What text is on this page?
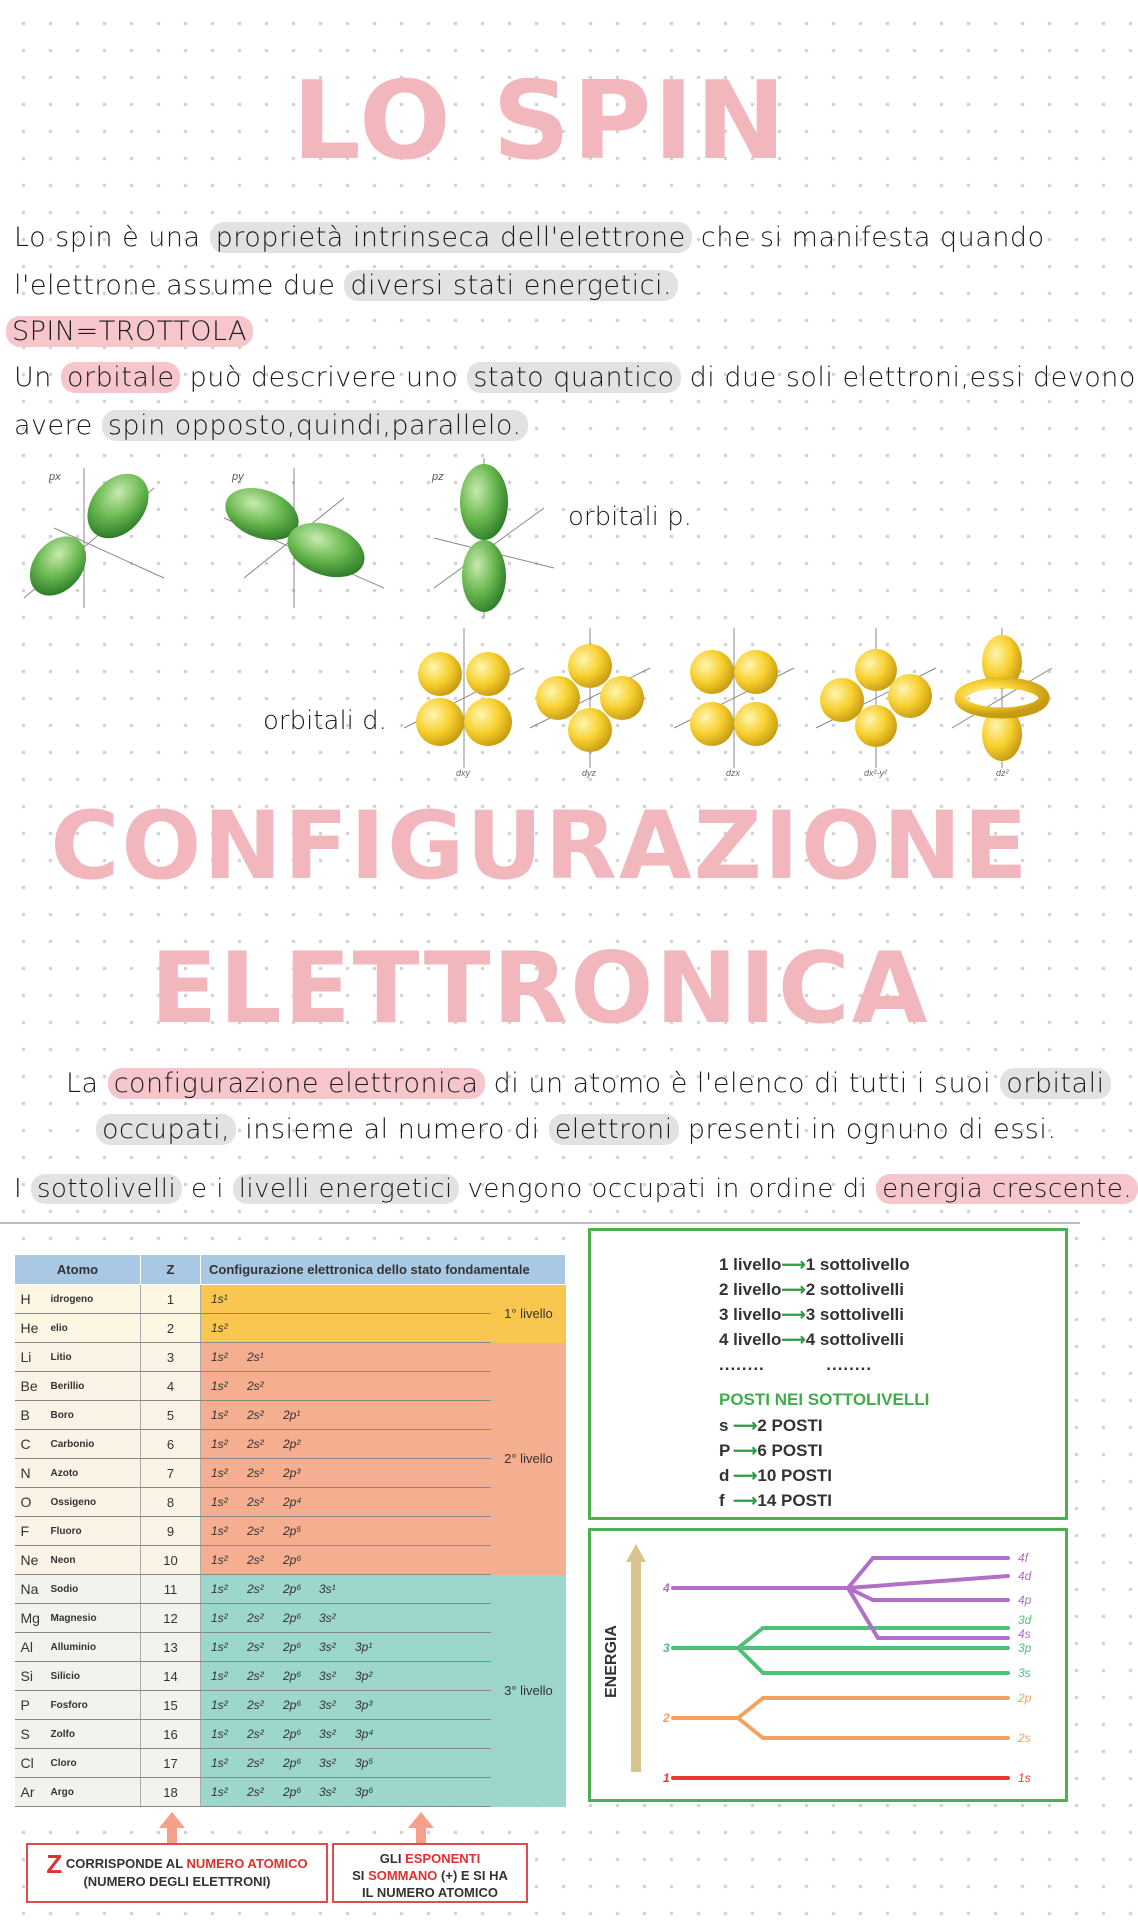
LO SPIN
Lo spin è una proprietà intrinseca dell'elettrone che si manifesta quando
l'elettrone assume due diversi stati energetici.
SPIN=TROTTOLA
Un orbitale può descrivere uno stato quantico di due soli elettroni,essi devono
avere spin opposto,quindi,parallelo.
px	py	pz
orbitali p.
orbitali d.
dxy	dyz	dzx	dx²-y²	dz²
CONFIGURAZIONE
ELETTRONICA
La configurazione elettronica di un atomo è l'elenco di tutti i suoi orbitali
occupati, insieme al numero di elettroni presenti in ognuno di essi.
I sottolivelli e i livelli energetici vengono occupati in ordine di energia crescente.
Atomo		Z	Configurazione elettronica dello stato fondamentale	
H	idrogeno	1	1s¹	1° livello
He	elio	2	1s²	
Li	Litio	3	1s² 2s¹	2° livello
Be	Berillio	4	1s² 2s²	
B	Boro	5	1s² 2s² 2p¹	
C	Carbonio	6	1s² 2s² 2p²	
N	Azoto	7	1s² 2s² 2p³	
O	Ossigeno	8	1s² 2s² 2p⁴	
F	Fluoro	9	1s² 2s² 2p⁵	
Ne	Neon	10	1s² 2s² 2p⁶	
Na	Sodio	11	1s² 2s² 2p⁶ 3s¹	3° livello
Mg	Magnesio	12	1s² 2s² 2p⁶ 3s²	
Al	Alluminio	13	1s² 2s² 2p⁶ 3s² 3p¹	
Si	Silicio	14	1s² 2s² 2p⁶ 3s² 3p²	
P	Fosforo	15	1s² 2s² 2p⁶ 3s² 3p³	
S	Zolfo	16	1s² 2s² 2p⁶ 3s² 3p⁴	
Cl	Cloro	17	1s² 2s² 2p⁶ 3s² 3p⁵	
Ar	Argo	18	1s² 2s² 2p⁶ 3s² 3p⁶	
1 livello⟶1 sottolivello
2 livello⟶2 sottolivelli
3 livello⟶3 sottolivelli
4 livello⟶4 sottolivelli
........	........
POSTI NEI SOTTOLIVELLI
s ⟶2 POSTI
P ⟶6 POSTI
d ⟶10 POSTI
f ⟶14 POSTI
ENERGIA
1	1s
2
2p
2s
3	3p
3s
4
4f
4d
4p
3d
4s
Z CORRISPONDE AL NUMERO ATOMICO
(NUMERO DEGLI ELETTRONI)
GLI ESPONENTI
SI SOMMANO (+) E SI HA
IL NUMERO ATOMICO
